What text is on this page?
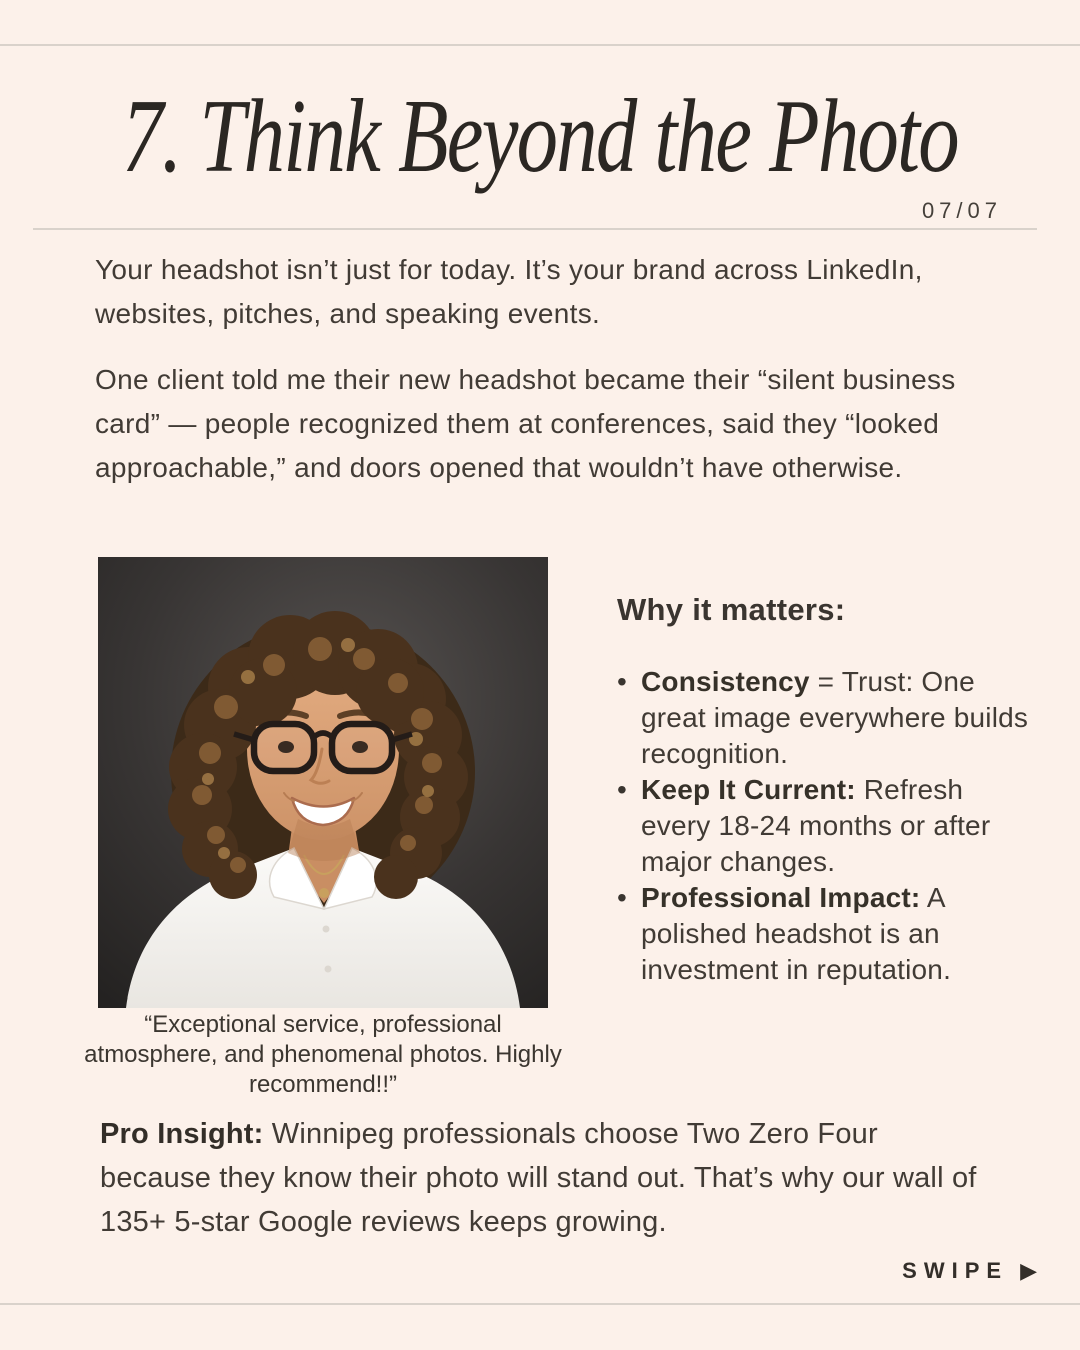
7. Think Beyond the Photo
07/07

Your headshot isn’t just for today. It’s your brand across LinkedIn, websites, pitches, and speaking events.

One client told me their new headshot became their “silent business card” — people recognized them at conferences, said they “looked approachable,” and doors opened that wouldn’t have otherwise.

“Exceptional service, professional atmosphere, and phenomenal photos. Highly recommend!!”
Why it matters:
• Consistency = Trust: One great image everywhere builds recognition.
• Keep It Current: Refresh every 18-24 months or after major changes.
• Professional Impact: A polished headshot is an investment in reputation.

Pro Insight: Winnipeg professionals choose Two Zero Four because they know their photo will stand out. That’s why our wall of 135+ 5-star Google reviews keeps growing.

SWIPE ▶
